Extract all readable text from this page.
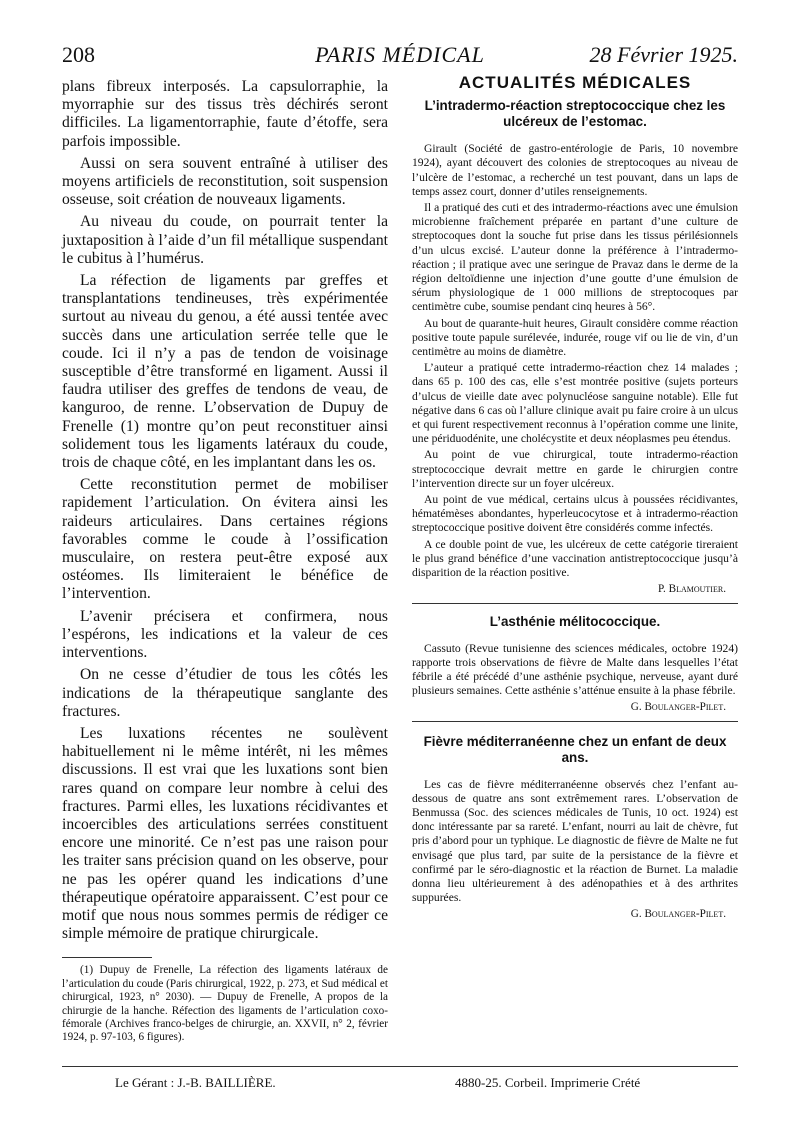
208	PARIS MÉDICAL	28 Février 1925.

plans fibreux interposés. La capsulorraphie, la myorraphie sur des tissus très déchirés seront difficiles. La ligamentorraphie, faute d’étoffe, sera parfois impossible.

Aussi on sera souvent entraîné à utiliser des moyens artificiels de reconstitution, soit suspension osseuse, soit création de nouveaux ligaments.

Au niveau du coude, on pourrait tenter la juxtaposition à l’aide d’un fil métallique suspendant le cubitus à l’humérus.

La réfection de ligaments par greffes et transplantations tendineuses, très expérimentée surtout au niveau du genou, a été aussi tentée avec succès dans une articulation serrée telle que le coude. Ici il n’y a pas de tendon de voisinage susceptible d’être transformé en ligament. Aussi il faudra utiliser des greffes de tendons de veau, de kanguroo, de renne. L’observation de Dupuy de Frenelle (1) montre qu’on peut reconstituer ainsi solidement tous les ligaments latéraux du coude, trois de chaque côté, en les implantant dans les os.

Cette reconstitution permet de mobiliser rapidement l’articulation. On évitera ainsi les raideurs articulaires. Dans certaines régions favorables comme le coude à l’ossification musculaire, on restera peut-être exposé aux ostéomes. Ils limiteraient le bénéfice de l’intervention.

L’avenir précisera et confirmera, nous l’espérons, les indications et la valeur de ces interventions.

On ne cesse d’étudier de tous les côtés les indications de la thérapeutique sanglante des fractures.

Les luxations récentes ne soulèvent habituellement ni le même intérêt, ni les mêmes discussions. Il est vrai que les luxations sont bien rares quand on compare leur nombre à celui des fractures. Parmi elles, les luxations récidivantes et incoercibles des articulations serrées constituent encore une minorité. Ce n’est pas une raison pour les traiter sans précision quand on les observe, pour ne pas les opérer quand les indications d’une thérapeutique opératoire apparaissent. C’est pour ce motif que nous nous sommes permis de rédiger ce simple mémoire de pratique chirurgicale.

(1) Dupuy de Frenelle, La réfection des ligaments latéraux de l’articulation du coude (Paris chirurgical, 1922, p. 273, et Sud médical et chirurgical, 1923, n° 2030). — Dupuy de Frenelle, A propos de la chirurgie de la hanche. Réfection des ligaments de l’articulation coxo-fémorale (Archives franco-belges de chirurgie, an. XXVII, n° 2, février 1924, p. 97-103, 6 figures).

ACTUALITÉS MÉDICALES
L’intradermo-réaction streptococcique chez les ulcéreux de l’estomac.

Girault (Société de gastro-entérologie de Paris, 10 novembre 1924), ayant découvert des colonies de streptocoques au niveau de l’ulcère de l’estomac, a recherché un test pouvant, dans un laps de temps assez court, donner d’utiles renseignements.

Il a pratiqué des cuti et des intradermo-réactions avec une émulsion microbienne fraîchement préparée en partant d’une culture de streptocoques dont la souche fut prise dans les tissus périlésionnels d’un ulcus excisé. L’auteur donne la préférence à l’intradermo-réaction ; il pratique avec une seringue de Pravaz dans le derme de la région deltoïdienne une injection d’une goutte d’une émulsion de sérum physiologique de 1 000 millions de streptocoques par centimètre cube, soumise pendant cinq heures à 56°.

Au bout de quarante-huit heures, Girault considère comme réaction positive toute papule surélevée, indurée, rouge vif ou lie de vin, d’un centimètre au moins de diamètre.

L’auteur a pratiqué cette intradermo-réaction chez 14 malades ; dans 65 p. 100 des cas, elle s’est montrée positive (sujets porteurs d’ulcus de vieille date avec polynucléose sanguine notable). Elle fut négative dans 6 cas où l’allure clinique avait pu faire croire à un ulcus et qui furent respectivement reconnus à l’opération comme une linite, une périduodénite, une cholécystite et deux néoplasmes peu étendus.

Au point de vue chirurgical, toute intradermo-réaction streptococcique devrait mettre en garde le chirurgien contre l’intervention directe sur un foyer ulcéreux.

Au point de vue médical, certains ulcus à poussées récidivantes, hématémèses abondantes, hyperleucocytose et à intradermo-réaction streptococcique positive doivent être considérés comme infectés.

A ce double point de vue, les ulcéreux de cette catégorie tireraient le plus grand bénéfice d’une vaccination antistreptococcique jusqu’à disparition de la réaction positive.

P. Blamoutier.

L’asthénie mélitococcique.

Cassuto (Revue tunisienne des sciences médicales, octobre 1924) rapporte trois observations de fièvre de Malte dans lesquelles l’état fébrile a été précédé d’une asthénie psychique, nerveuse, ayant duré plusieurs semaines. Cette asthénie s’atténue ensuite à la phase fébrile.

G. Boulanger-Pilet.

Fièvre méditerranéenne chez un enfant de deux ans.

Les cas de fièvre méditerranéenne observés chez l’enfant au-dessous de quatre ans sont extrêmement rares. L’observation de Benmussa (Soc. des sciences médicales de Tunis, 10 oct. 1924) est donc intéressante par sa rareté. L’enfant, nourri au lait de chèvre, fut pris d’abord pour un typhique. Le diagnostic de fièvre de Malte ne fut envisagé que plus tard, par suite de la persistance de la fièvre et confirmé par le séro-diagnostic et la réaction de Burnet. La maladie donna lieu ultérieurement à des adénopathies et à des arthrites suppurées.

G. Boulanger-Pilet.

Le Gérant : J.-B. BAILLIÈRE.	4880-25. Corbeil. Imprimerie Crété
